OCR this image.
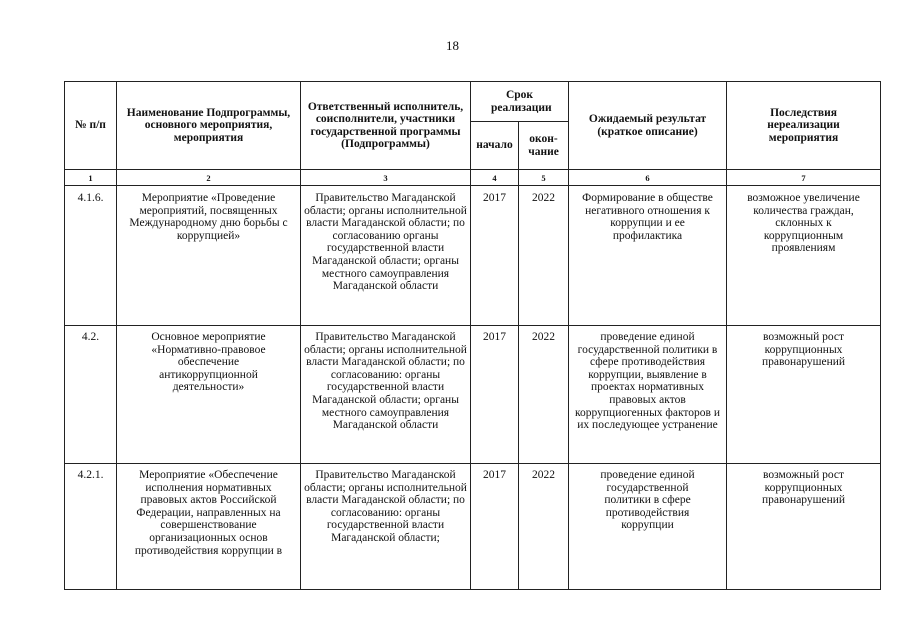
18
№ п/п	Наименование Подпрограммы, основного мероприятия, мероприятия	Ответственный исполнитель, соисполнители, участники государственной программы (Подпрограммы)	Срок реализации		Ожидаемый результат (краткое описание)	Последствия нереализации мероприятия
			начало	окон-чание		
1	2	3	4	5	6	7
4.1.6.	Мероприятие «Проведение мероприятий, посвященных Международному дню борьбы с коррупцией»	Правительство Магаданской области; органы исполнительной власти Магаданской области; по согласованию органы государственной власти Магаданской области; органы местного самоуправления Магаданской области	2017	2022	Формирование в обществе негативного отношения к коррупции и ее профилактика	возможное увеличение количества граждан, склонных к коррупционным проявлениям
4.2.	Основное мероприятие «Нормативно-правовое обеспечение антикоррупционной деятельности»	Правительство Магаданской области; органы исполнительной власти Магаданской области; по согласованию: органы государственной власти Магаданской области; органы местного самоуправления Магаданской области	2017	2022	проведение единой государственной политики в сфере противодействия коррупции, выявление в проектах нормативных правовых актов коррупциогенных факторов и их последующее устранение	возможный рост коррупционных правонарушений
4.2.1.	Мероприятие «Обеспечение исполнения нормативных правовых актов Российской Федерации, направленных на совершенствование организационных основ противодействия коррупции в	Правительство Магаданской области; органы исполнительной власти Магаданской области; по согласованию: органы государственной власти Магаданской области;	2017	2022	проведение единой государственной политики в сфере противодействия коррупции	возможный рост коррупционных правонарушений
